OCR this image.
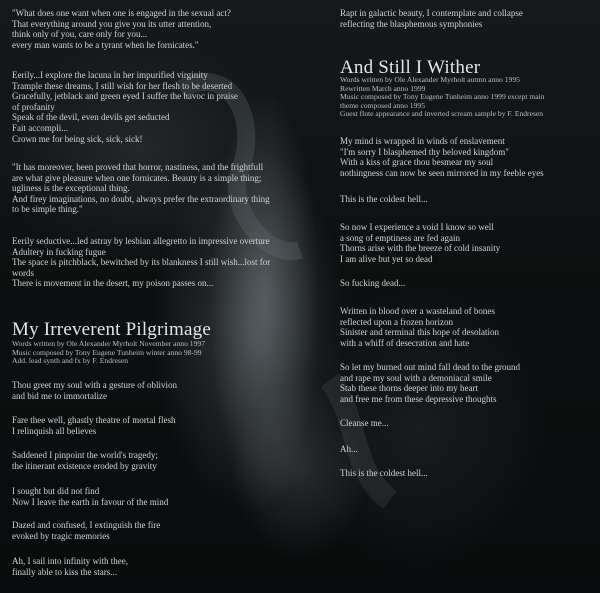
"What does one want when one is engaged in the sexual act?
That everything around you give you its utter attention,
think only of you, care only for you...
every man wants to be a tyrant when he fornicates."

Eerily...I explore the lacuna in her impurified virginity
Trample these dreams, I still wish for her flesh to be deserted
Gracefully, jetblack and green eyed I suffer the havoc in praise
of profanity
Speak of the devil, even devils get seducted
Fait accompli...
Crown me for being sick, sick, sick!

"It has moreover, been proved that horror, nastiness, and the frightfull
are what give pleasure when one fornicates. Beauty is a simple thing;
ugliness is the exceptional thing.
And firey imaginations, no doubt, always prefer the extraordinary thing
to be simple thing."

Eerily seductive...led astray by lesbian allegretto in impressive overture
Adultery in fucking fugue
The space is pitchblack, bewitched by its blankness I still wish...lost for
words
There is movement in the desert, my poison passes on...

My Irreverent Pilgrimage

Words written by Ole Alexander Myrholt November anno 1997

Music composed by Tony Eugene Tunheim winter anno 98-99

Add. lead synth and fx by F. Endresen

Thou greet my soul with a gesture of oblivion
and bid me to immortalize

Fare thee well, ghastly theatre of mortal flesh
I relinquish all believes

Saddened I pinpoint the world's tragedy;
the itinerant existence eroded by gravity

I sought but did not find
Now I leave the earth in favour of the mind

Dazed and confused, I extinguish the fire
evoked by tragic memories

Ah, I sail into infinity with thee,
finally able to kiss the stars...

Rapt in galactic beauty, I contemplate and collapse
reflecting the blasphemous symphonies

And Still I Wither

Words written by Ole Alexander Myrholt autmn anno 1995

Rewritten March anno 1999

Music composed by Tony Eugene Tunheim anno 1999 except main

theme composed anno 1995

Guest flute appearance and inverted scream sample by F. Endresen

My mind is wrapped in winds of enslavement
"I'm sorry I blasphemed thy beloved kingdom"
With a kiss of grace thou besmear my soul
nothingness can now be seen mirrored in my feeble eyes

This is the coldest hell...

So now I experience a void I know so well
a song of emptiness are fed again
Thorns arise with the breeze of cold insanity
I am alive but yet so dead

So fucking dead...

Written in blood over a wasteland of bones
reflected upon a frozen horizon
Sinister and terminal this hope of desolation
with a whiff of desecration and hate

So let my burned out mind fall dead to the ground
and rape my soul with a demoniacal smile
Stab these thorns deeper into my heart
and free me from these depressive thoughts

Cleanse me...

Ah...

This is the coldest hell...
